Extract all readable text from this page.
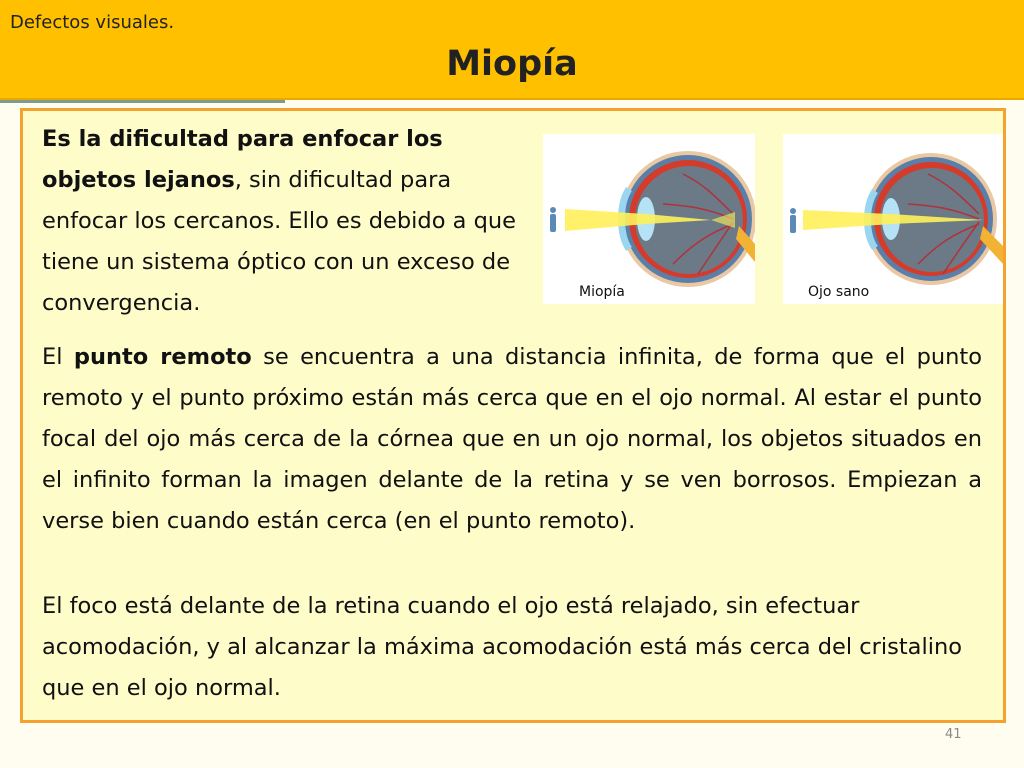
Defectos visuales.
Miopía
Es la dificultad para enfocar los objetos lejanos, sin dificultad para enfocar los cercanos. Ello es debido a que tiene un sistema óptico con un exceso de convergencia.	Miopía	Ojo sano
El punto remoto se encuentra a una distancia infinita, de forma que el punto remoto y el punto próximo están más cerca que en el ojo normal. Al estar el punto focal del ojo más cerca de la córnea que en un ojo normal, los objetos situados en el infinito forman la imagen delante de la retina y se ven borrosos. Empiezan a verse bien cuando están cerca (en el punto remoto).
El foco está delante de la retina cuando el ojo está relajado, sin efectuar acomodación, y al alcanzar la máxima acomodación está más cerca del cristalino que en el ojo normal.
41
